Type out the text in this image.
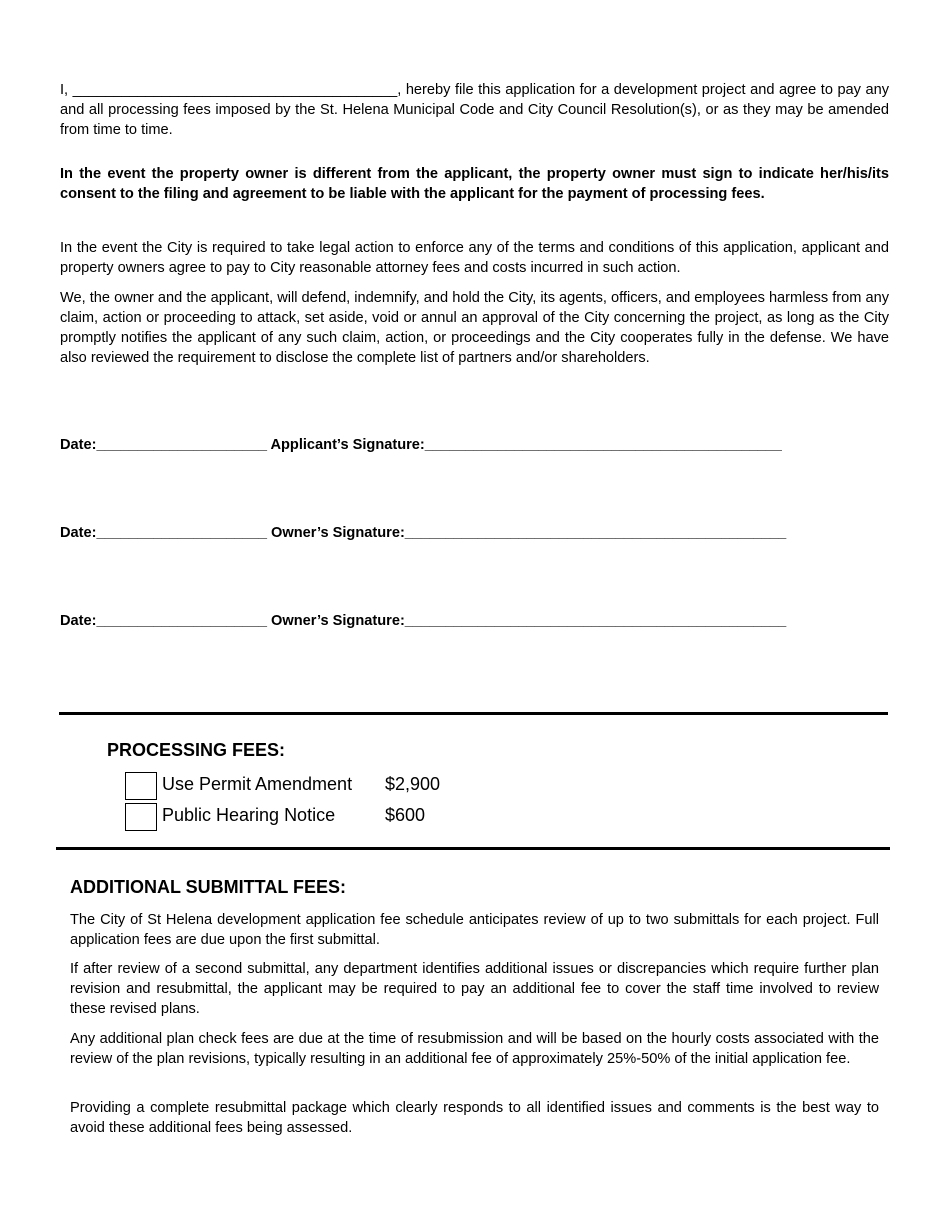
I, ________________________________________, hereby file this application for a development project and agree to pay any and all processing fees imposed by the St. Helena Municipal Code and City Council Resolution(s), or as they may be amended from time to time.

In the event the property owner is different from the applicant, the property owner must sign to indicate her/his/its consent to the filing and agreement to be liable with the applicant for the payment of processing fees.

In the event the City is required to take legal action to enforce any of the terms and conditions of this application, applicant and property owners agree to pay to City reasonable attorney fees and costs incurred in such action.

We, the owner and the applicant, will defend, indemnify, and hold the City, its agents, officers, and employees harmless from any claim, action or proceeding to attack, set aside, void or annul an approval of the City concerning the project, as long as the City promptly notifies the applicant of any such claim, action, or proceedings and the City cooperates fully in the defense. We have also reviewed the requirement to disclose the complete list of partners and/or shareholders.

Date:_____________________ Applicant’s Signature:____________________________________________
Date:_____________________ Owner’s Signature:_______________________________________________
Date:_____________________ Owner’s Signature:_______________________________________________
PROCESSING FEES:
Use Permit Amendment $2,900
Public Hearing Notice	$600
ADDITIONAL SUBMITTAL FEES:

The City of St Helena development application fee schedule anticipates review of up to two submittals for each project. Full application fees are due upon the first submittal.

If after review of a second submittal, any department identifies additional issues or discrepancies which require further plan revision and resubmittal, the applicant may be required to pay an additional fee to cover the staff time involved to review these revised plans.

Any additional plan check fees are due at the time of resubmission and will be based on the hourly costs associated with the review of the plan revisions, typically resulting in an additional fee of approximately 25%-50% of the initial application fee.

Providing a complete resubmittal package which clearly responds to all identified issues and comments is the best way to avoid these additional fees being assessed.
